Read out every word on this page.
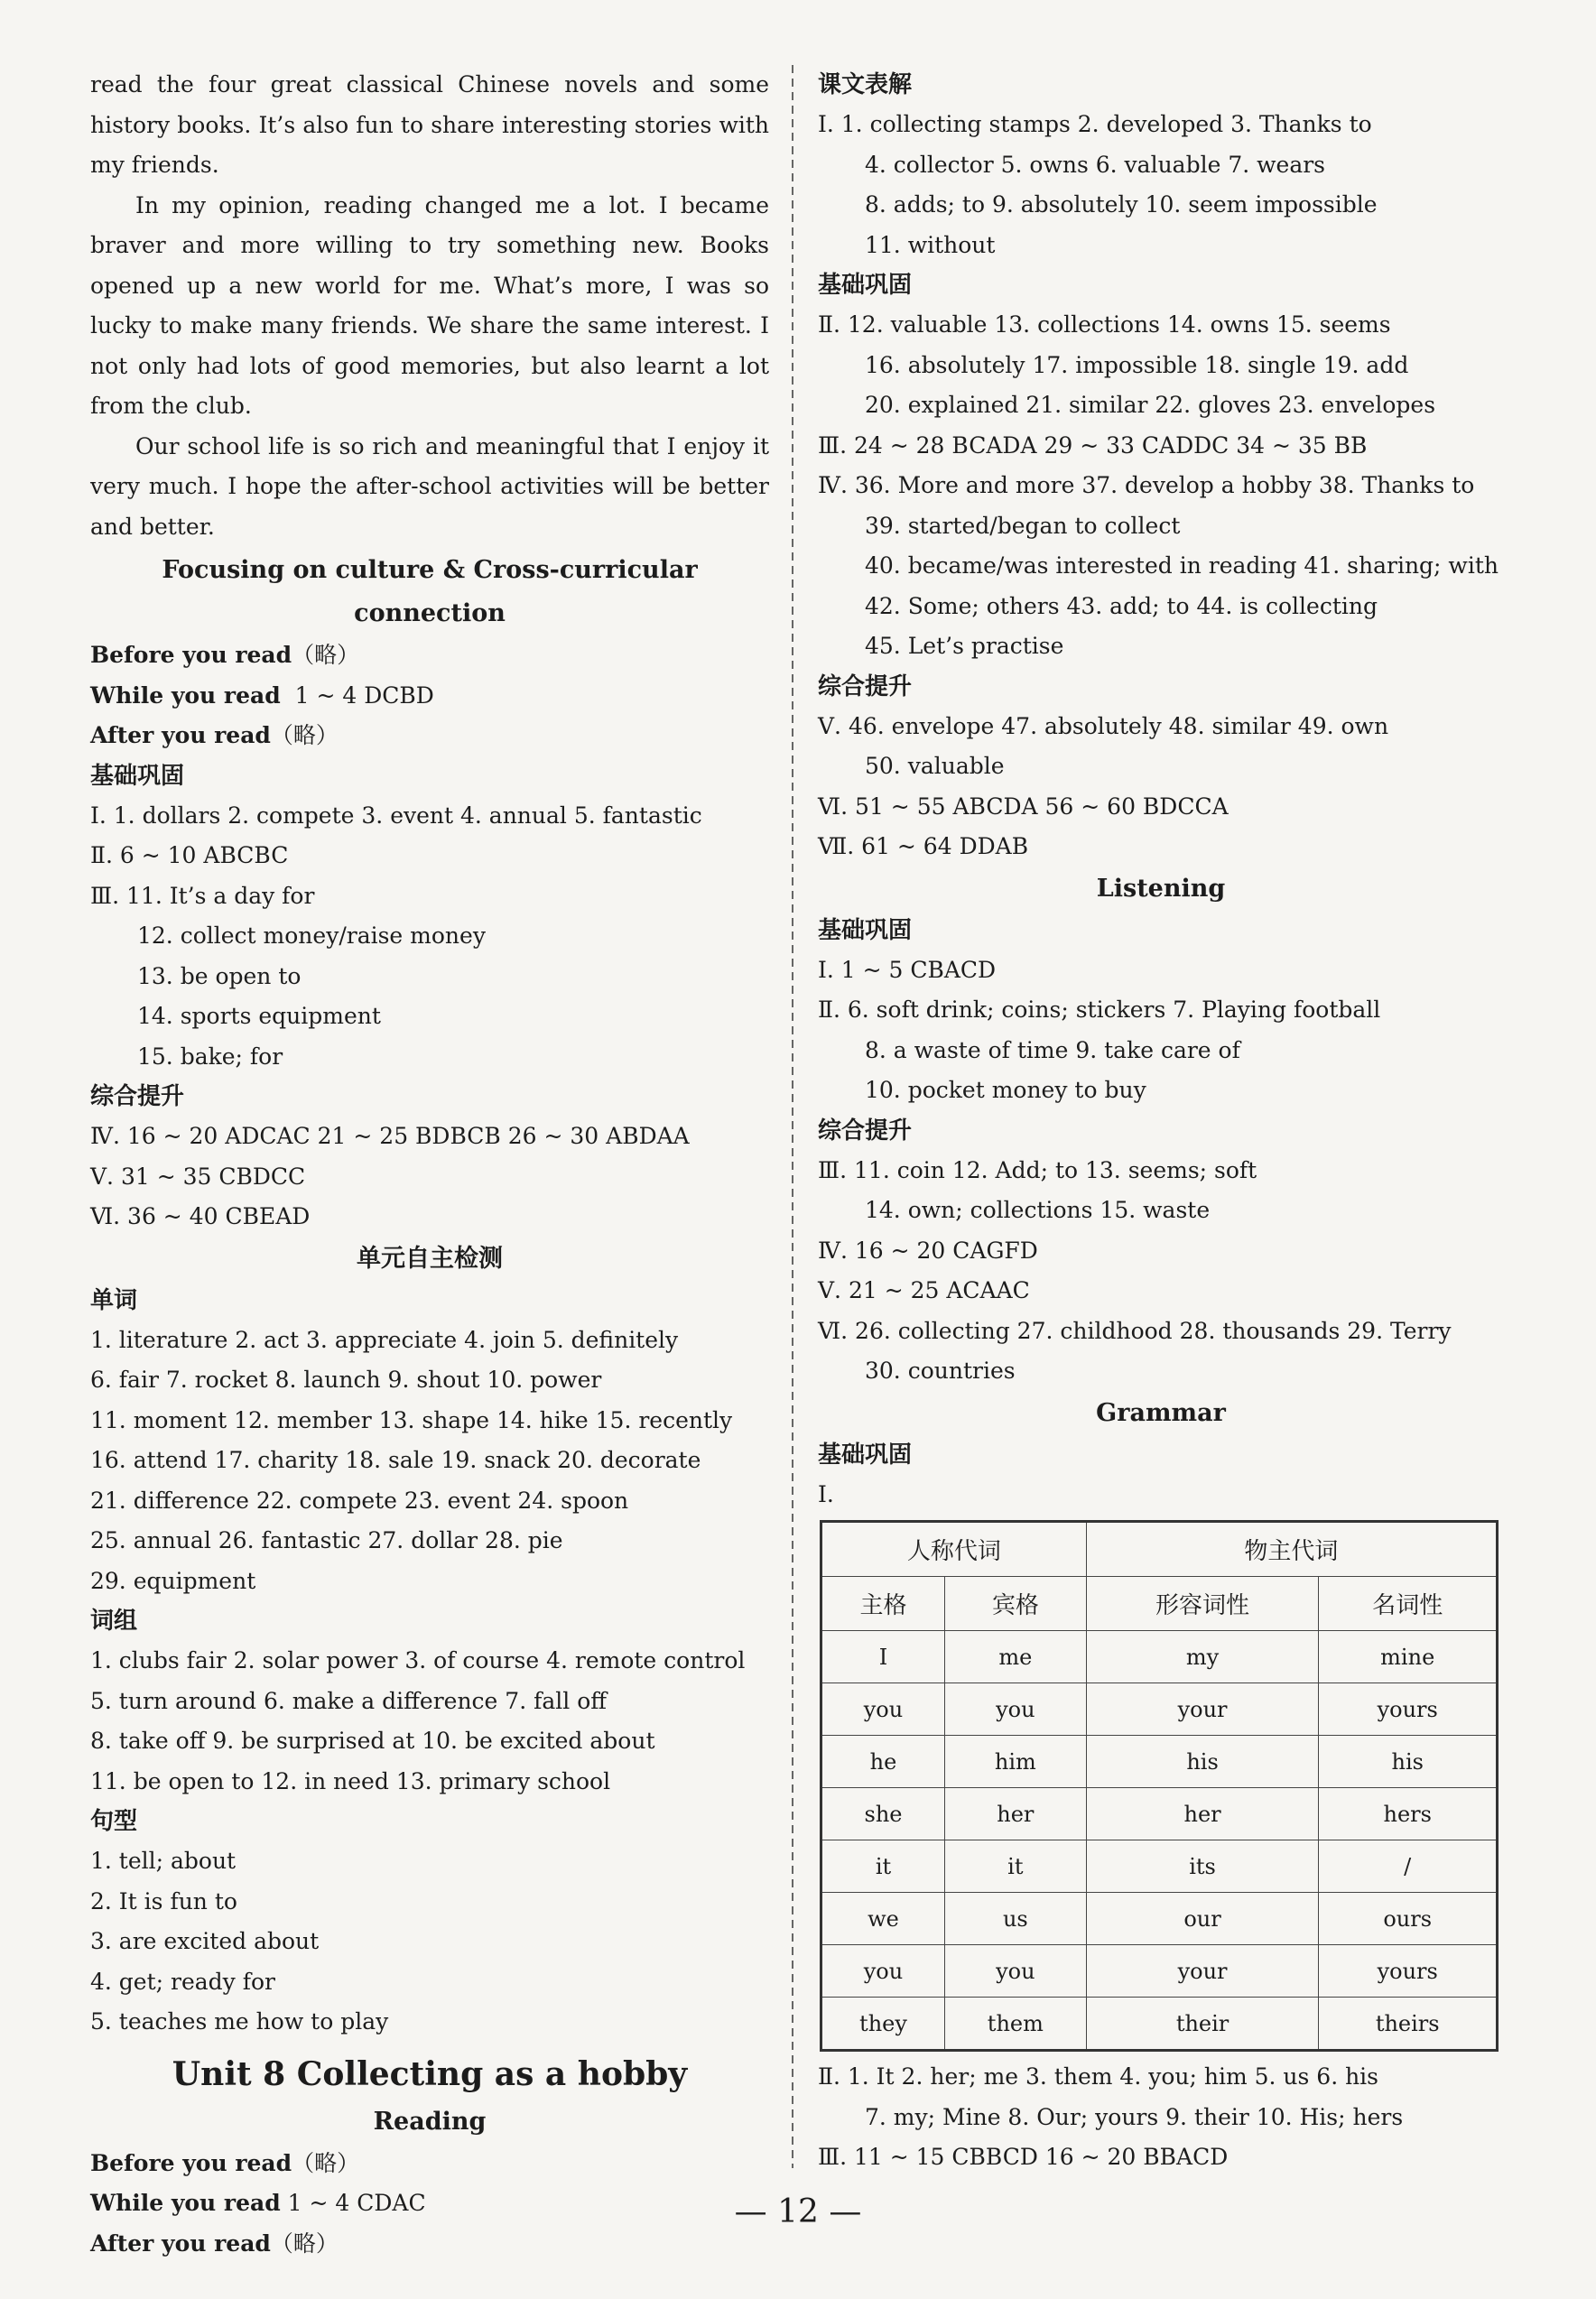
read the four great classical Chinese novels and some history books. It’s also fun to share interesting stories with my friends.

In my opinion, reading changed me a lot. I became braver and more willing to try something new. Books opened up a new world for me. What’s more, I was so lucky to make many friends. We share the same interest. I not only had lots of good memories, but also learnt a lot from the club.

Our school life is so rich and meaningful that I enjoy it very much. I hope the after-school activities will be better and better.

Focusing on culture & Cross-curricular connection
Before you read（略）
While you read 1 ~ 4 DCBD
After you read（略）
基础巩固
Ⅰ. 1. dollars 2. compete 3. event 4. annual 5. fantastic
Ⅱ. 6 ~ 10 ABCBC
Ⅲ. 11. It’s a day for
12. collect money/raise money
13. be open to
14. sports equipment
15. bake; for
综合提升
Ⅳ. 16 ~ 20 ADCAC 21 ~ 25 BDBCB 26 ~ 30 ABDAA
Ⅴ. 31 ~ 35 CBDCC
Ⅵ. 36 ~ 40 CBEAD
单元自主检测
单词
1. literature 2. act 3. appreciate 4. join 5. definitely
6. fair 7. rocket 8. launch 9. shout 10. power
11. moment 12. member 13. shape 14. hike 15. recently
16. attend 17. charity 18. sale 19. snack 20. decorate
21. difference 22. compete 23. event 24. spoon
25. annual 26. fantastic 27. dollar 28. pie
29. equipment
词组
1. clubs fair 2. solar power 3. of course 4. remote control
5. turn around 6. make a difference 7. fall off
8. take off 9. be surprised at 10. be excited about
11. be open to 12. in need 13. primary school
句型
1. tell; about
2. It is fun to
3. are excited about
4. get; ready for
5. teaches me how to play
Unit 8 Collecting as a hobby
Reading
Before you read（略）
While you read 1 ~ 4 CDAC
After you read（略）
课文表解
Ⅰ. 1. collecting stamps 2. developed 3. Thanks to
4. collector 5. owns 6. valuable 7. wears
8. adds; to 9. absolutely 10. seem impossible
11. without
基础巩固
Ⅱ. 12. valuable 13. collections 14. owns 15. seems
16. absolutely 17. impossible 18. single 19. add
20. explained 21. similar 22. gloves 23. envelopes
Ⅲ. 24 ~ 28 BCADA 29 ~ 33 CADDC 34 ~ 35 BB
Ⅳ. 36. More and more 37. develop a hobby 38. Thanks to
39. started/began to collect
40. became/was interested in reading 41. sharing; with
42. Some; others 43. add; to 44. is collecting
45. Let’s practise
综合提升
Ⅴ. 46. envelope 47. absolutely 48. similar 49. own
50. valuable
Ⅵ. 51 ~ 55 ABCDA 56 ~ 60 BDCCA
Ⅶ. 61 ~ 64 DDAB
Listening
基础巩固
Ⅰ. 1 ~ 5 CBACD
Ⅱ. 6. soft drink; coins; stickers 7. Playing football
8. a waste of time 9. take care of
10. pocket money to buy
综合提升
Ⅲ. 11. coin 12. Add; to 13. seems; soft
14. own; collections 15. waste
Ⅳ. 16 ~ 20 CAGFD
Ⅴ. 21 ~ 25 ACAAC
Ⅵ. 26. collecting 27. childhood 28. thousands 29. Terry
30. countries
Grammar
基础巩固
Ⅰ.
人称代词		物主代词	
主格	宾格	形容词性	名词性
I	me	my	mine
you	you	your	yours
he	him	his	his
she	her	her	hers
it	it	its	/
we	us	our	ours
you	you	your	yours
they	them	their	theirs
Ⅱ. 1. It 2. her; me 3. them 4. you; him 5. us 6. his
7. my; Mine 8. Our; yours 9. their 10. His; hers
Ⅲ. 11 ~ 15 CBBCD 16 ~ 20 BBACD
— 12 —
